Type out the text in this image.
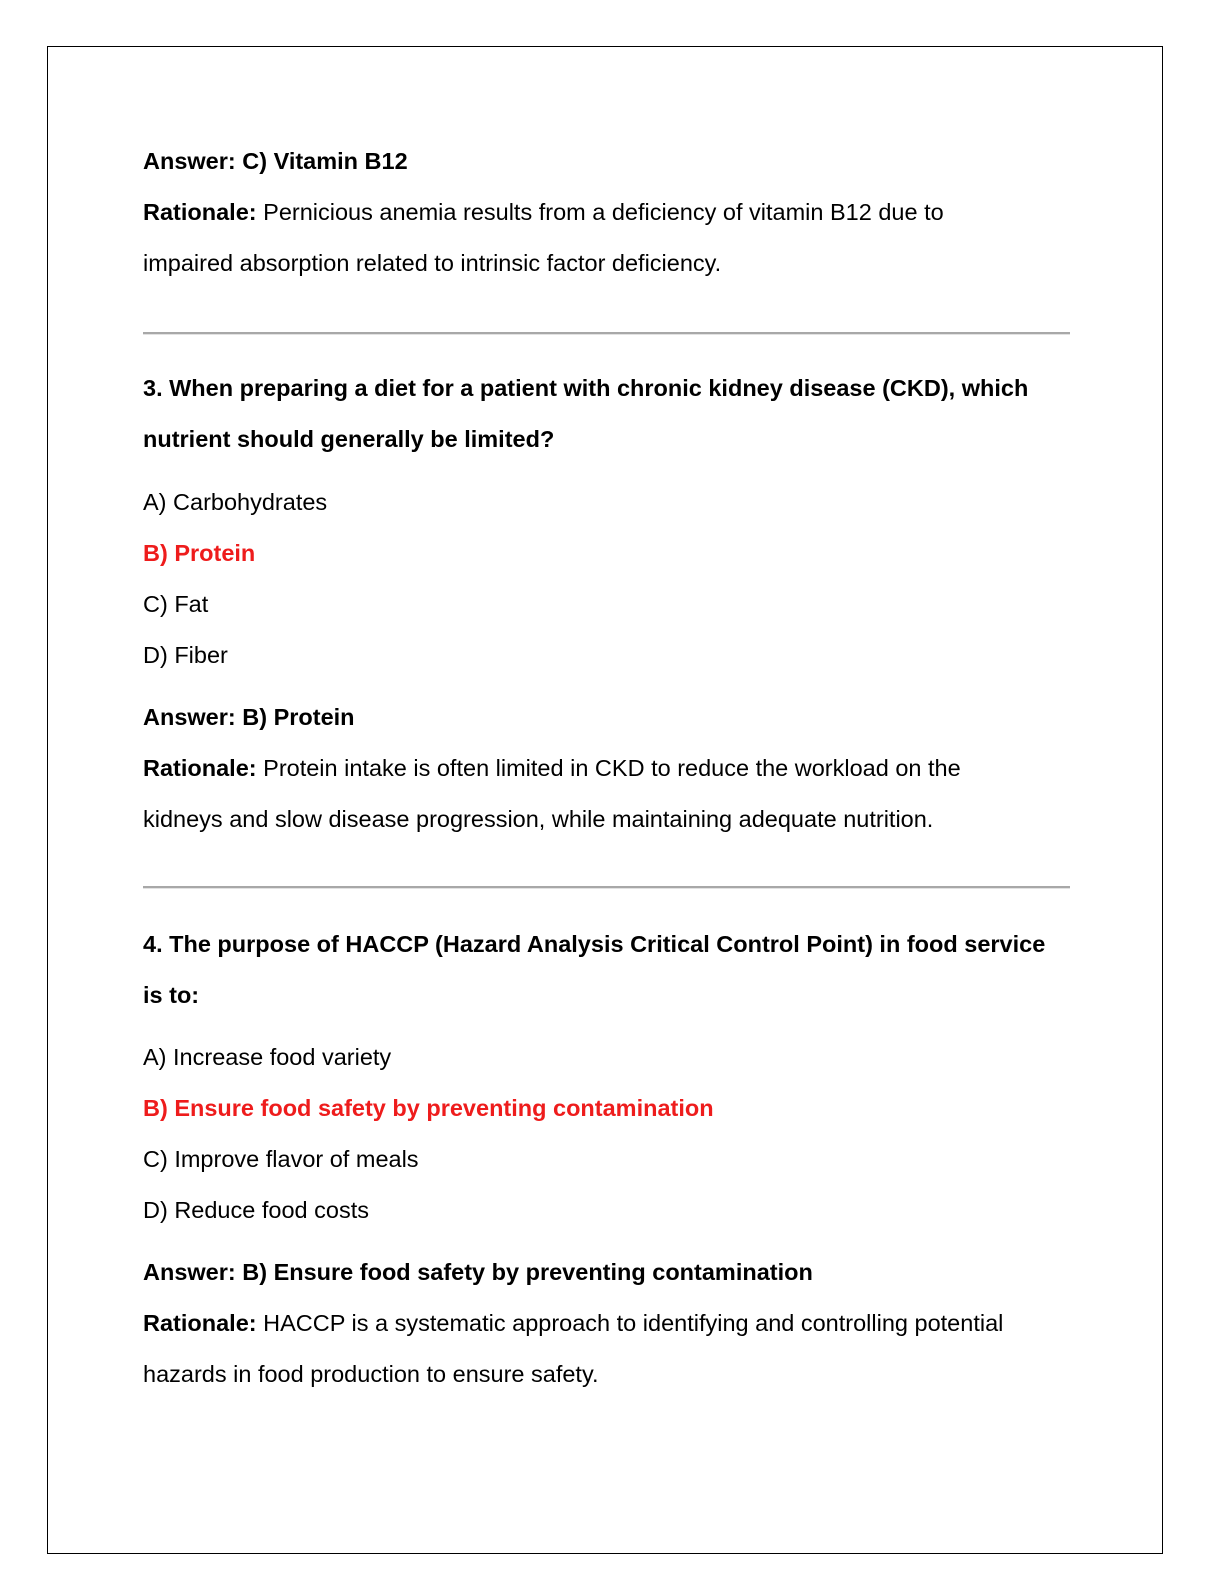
Answer: C) Vitamin B12
Rationale: Pernicious anemia results from a deficiency of vitamin B12 due to
impaired absorption related to intrinsic factor deficiency.
3. When preparing a diet for a patient with chronic kidney disease (CKD), which
nutrient should generally be limited?
A) Carbohydrates
B) Protein
C) Fat
D) Fiber
Answer: B) Protein
Rationale: Protein intake is often limited in CKD to reduce the workload on the
kidneys and slow disease progression, while maintaining adequate nutrition.
4. The purpose of HACCP (Hazard Analysis Critical Control Point) in food service
is to:
A) Increase food variety
B) Ensure food safety by preventing contamination
C) Improve flavor of meals
D) Reduce food costs
Answer: B) Ensure food safety by preventing contamination
Rationale: HACCP is a systematic approach to identifying and controlling potential
hazards in food production to ensure safety.
